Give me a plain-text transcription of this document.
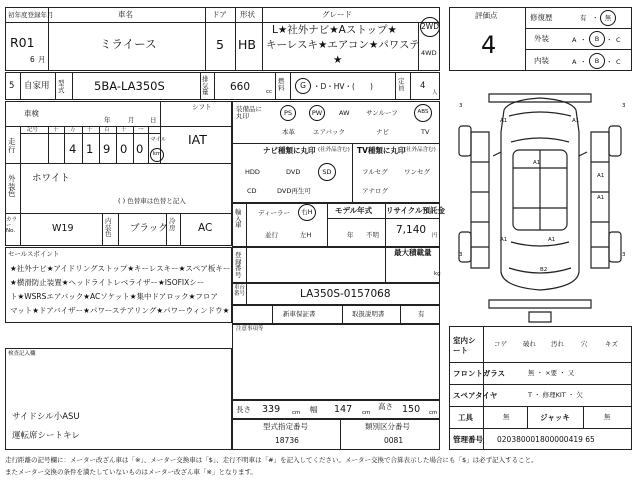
初年度登録年月
R01
6 月
車名
ミライース
ドア
5
形状
HB
グレード
L★社外ナビ★Aストップ★
キーレスキ★エアコン★パワステ
★
2WD
4WD
評価点
4
修復歴	有 ・ 無
外装	A ・ B ・ C
内装	A ・ B ・ C
5 自家用 型式	5BA-LA350S	排気量	660	cc
燃料	G ・D・HV・(　　)
定員	4
人
車検
年	月 日
シフト
IAT
走行
記号	十 万 千 百 十 一
4 1 9 0 0
マイル
km
外装色
ホワイト
( ) 色替車は色替と記入
カラーNo.	W19
内装色	ブラック
冷房	AC
装備品に丸印	PS	PW	AW	サンルーフ	ABS
本革	エアバック	ナビ	TV
ナビ種類に丸印 (社外品含む)
HDD	DVD	SD
CD	DVD再生可
TV種類に丸印
(社外品含む)
フルセグ	ワンセグ
アナログ
輸入車
ディーラー 右H
並行	左H
モデル年式
年 不明
リサイクル預託金
7,140 円
登録番号
最大積載量
kg
車台番号	LA350S-0157068
新車保証書	取扱説明書	有
セールスポイント
★社外ナビ★アイドリングストップ★キーレスキー★スペア板キー
★横滑防止装置★ヘッドライトレベライザー★ISOFIXシー
ト★WSRSエアバック★ACソケット★集中ドアロック★フロア
マット★ドアバイザー★パワーステアリング★パワーウィンドウ★
注意事項等
検査記入欄
サイドシル小ASU
運転席シートキレ
長さ 339 cm 幅 147 cm
高さ 150 cm
型式指定番号
18736
類別区分番号
0081
3	3
3	3
A1	A1
A1
A1
A1
A1	A1
B2
室内シート
コゲ 破れ 汚れ	穴	キズ
フロントガラス	無 ・ ×要 ・ 又
スペアタイヤ	T ・ 修理KIT ・ 欠
工具	無	ジャッキ	無
管理番号 020380001800000419 65
走行距離の記号欄に：メーター改ざん車は「※」、メーター交換車は「$」、走行不明車は「#」を記入してください。メーター交換で合算表示した場合にも「$」は必ず記入すること。
またメーター交換の条件を満たしていないものはメーター改ざん車「※」となります。
